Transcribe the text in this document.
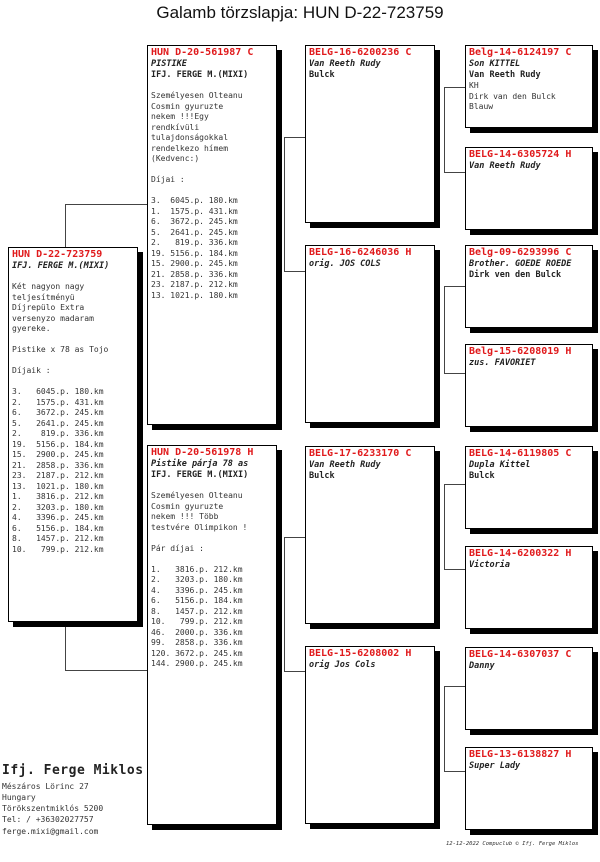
Galamb törzslapja: HUN D-22-723759
HUN D-22-723759
IFJ. FERGE M.(MIXI)
Két nagyon nagy
teljesítményü
Díjrepülo Extra
versenyzo madaram
gyereke.

Pistike x 78 as Tojo

Díjaik :

3.   6045.p. 180.km
2.   1575.p. 431.km
6.   3672.p. 245.km
5.   2641.p. 245.km
2.    819.p. 336.km
19.  5156.p. 184.km
15.  2900.p. 245.km
21.  2858.p. 336.km
23.  2187.p. 212.km
13.  1021.p. 180.km
1.   3816.p. 212.km
2.   3203.p. 180.km
4.   3396.p. 245.km
6.   5156.p. 184.km
8.   1457.p. 212.km
10.   799.p. 212.km
HUN D-20-561987 C
PISTIKE
IFJ. FERGE M.(MIXI)
Személyesen Olteanu
Cosmin gyuruzte
nekem !!!Egy
rendkívüli
tulajdonságokkal
rendelkezo hímem
(Kedvenc:)

Díjai :

3.  6045.p. 180.km
1.  1575.p. 431.km
6.  3672.p. 245.km
5.  2641.p. 245.km
2.   819.p. 336.km
19. 5156.p. 184.km
15. 2900.p. 245.km
21. 2858.p. 336.km
23. 2187.p. 212.km
13. 1021.p. 180.km
HUN D-20-561978 H
Pistike párja 78 as
IFJ. FERGE M.(MIXI)
Személyesen Olteanu
Cosmin gyuruzte
nekem !!! Több
testvére Olimpikon !

Pár díjai :

1.   3816.p. 212.km
2.   3203.p. 180.km
4.   3396.p. 245.km
6.   5156.p. 184.km
8.   1457.p. 212.km
10.   799.p. 212.km
46.  2000.p. 336.km
99.  2858.p. 336.km
120. 3672.p. 245.km
144. 2900.p. 245.km
BELG-16-6200236 C
Van Reeth Rudy
Bulck
BELG-16-6246036 H
orig. JOS COLS
BELG-17-6233170 C
Van Reeth Rudy
Bulck
BELG-15-6208002 H
orig Jos Cols
Belg-14-6124197 C
Son KITTEL
Van Reeth Rudy
KH
Dirk van den Bulck
Blauw
BELG-14-6305724 H
Van Reeth Rudy
Belg-09-6293996 C
Brother. GOEDE ROEDE
Dirk ven den Bulck
Belg-15-6208019 H
zus. FAVORIET
BELG-14-6119805 C
Dupla Kittel
Bulck
BELG-14-6200322 H
Victoria
BELG-14-6307037 C
Danny
BELG-13-6138827 H
Super Lady
Ifj. Ferge Miklos
Mészáros Lörinc 27
Hungary
Törökszentmiklós 5200
Tel: / +36302027757
ferge.mixi@gmail.com
12-12-2022 Compuclub © Ifj. Ferge Miklos
